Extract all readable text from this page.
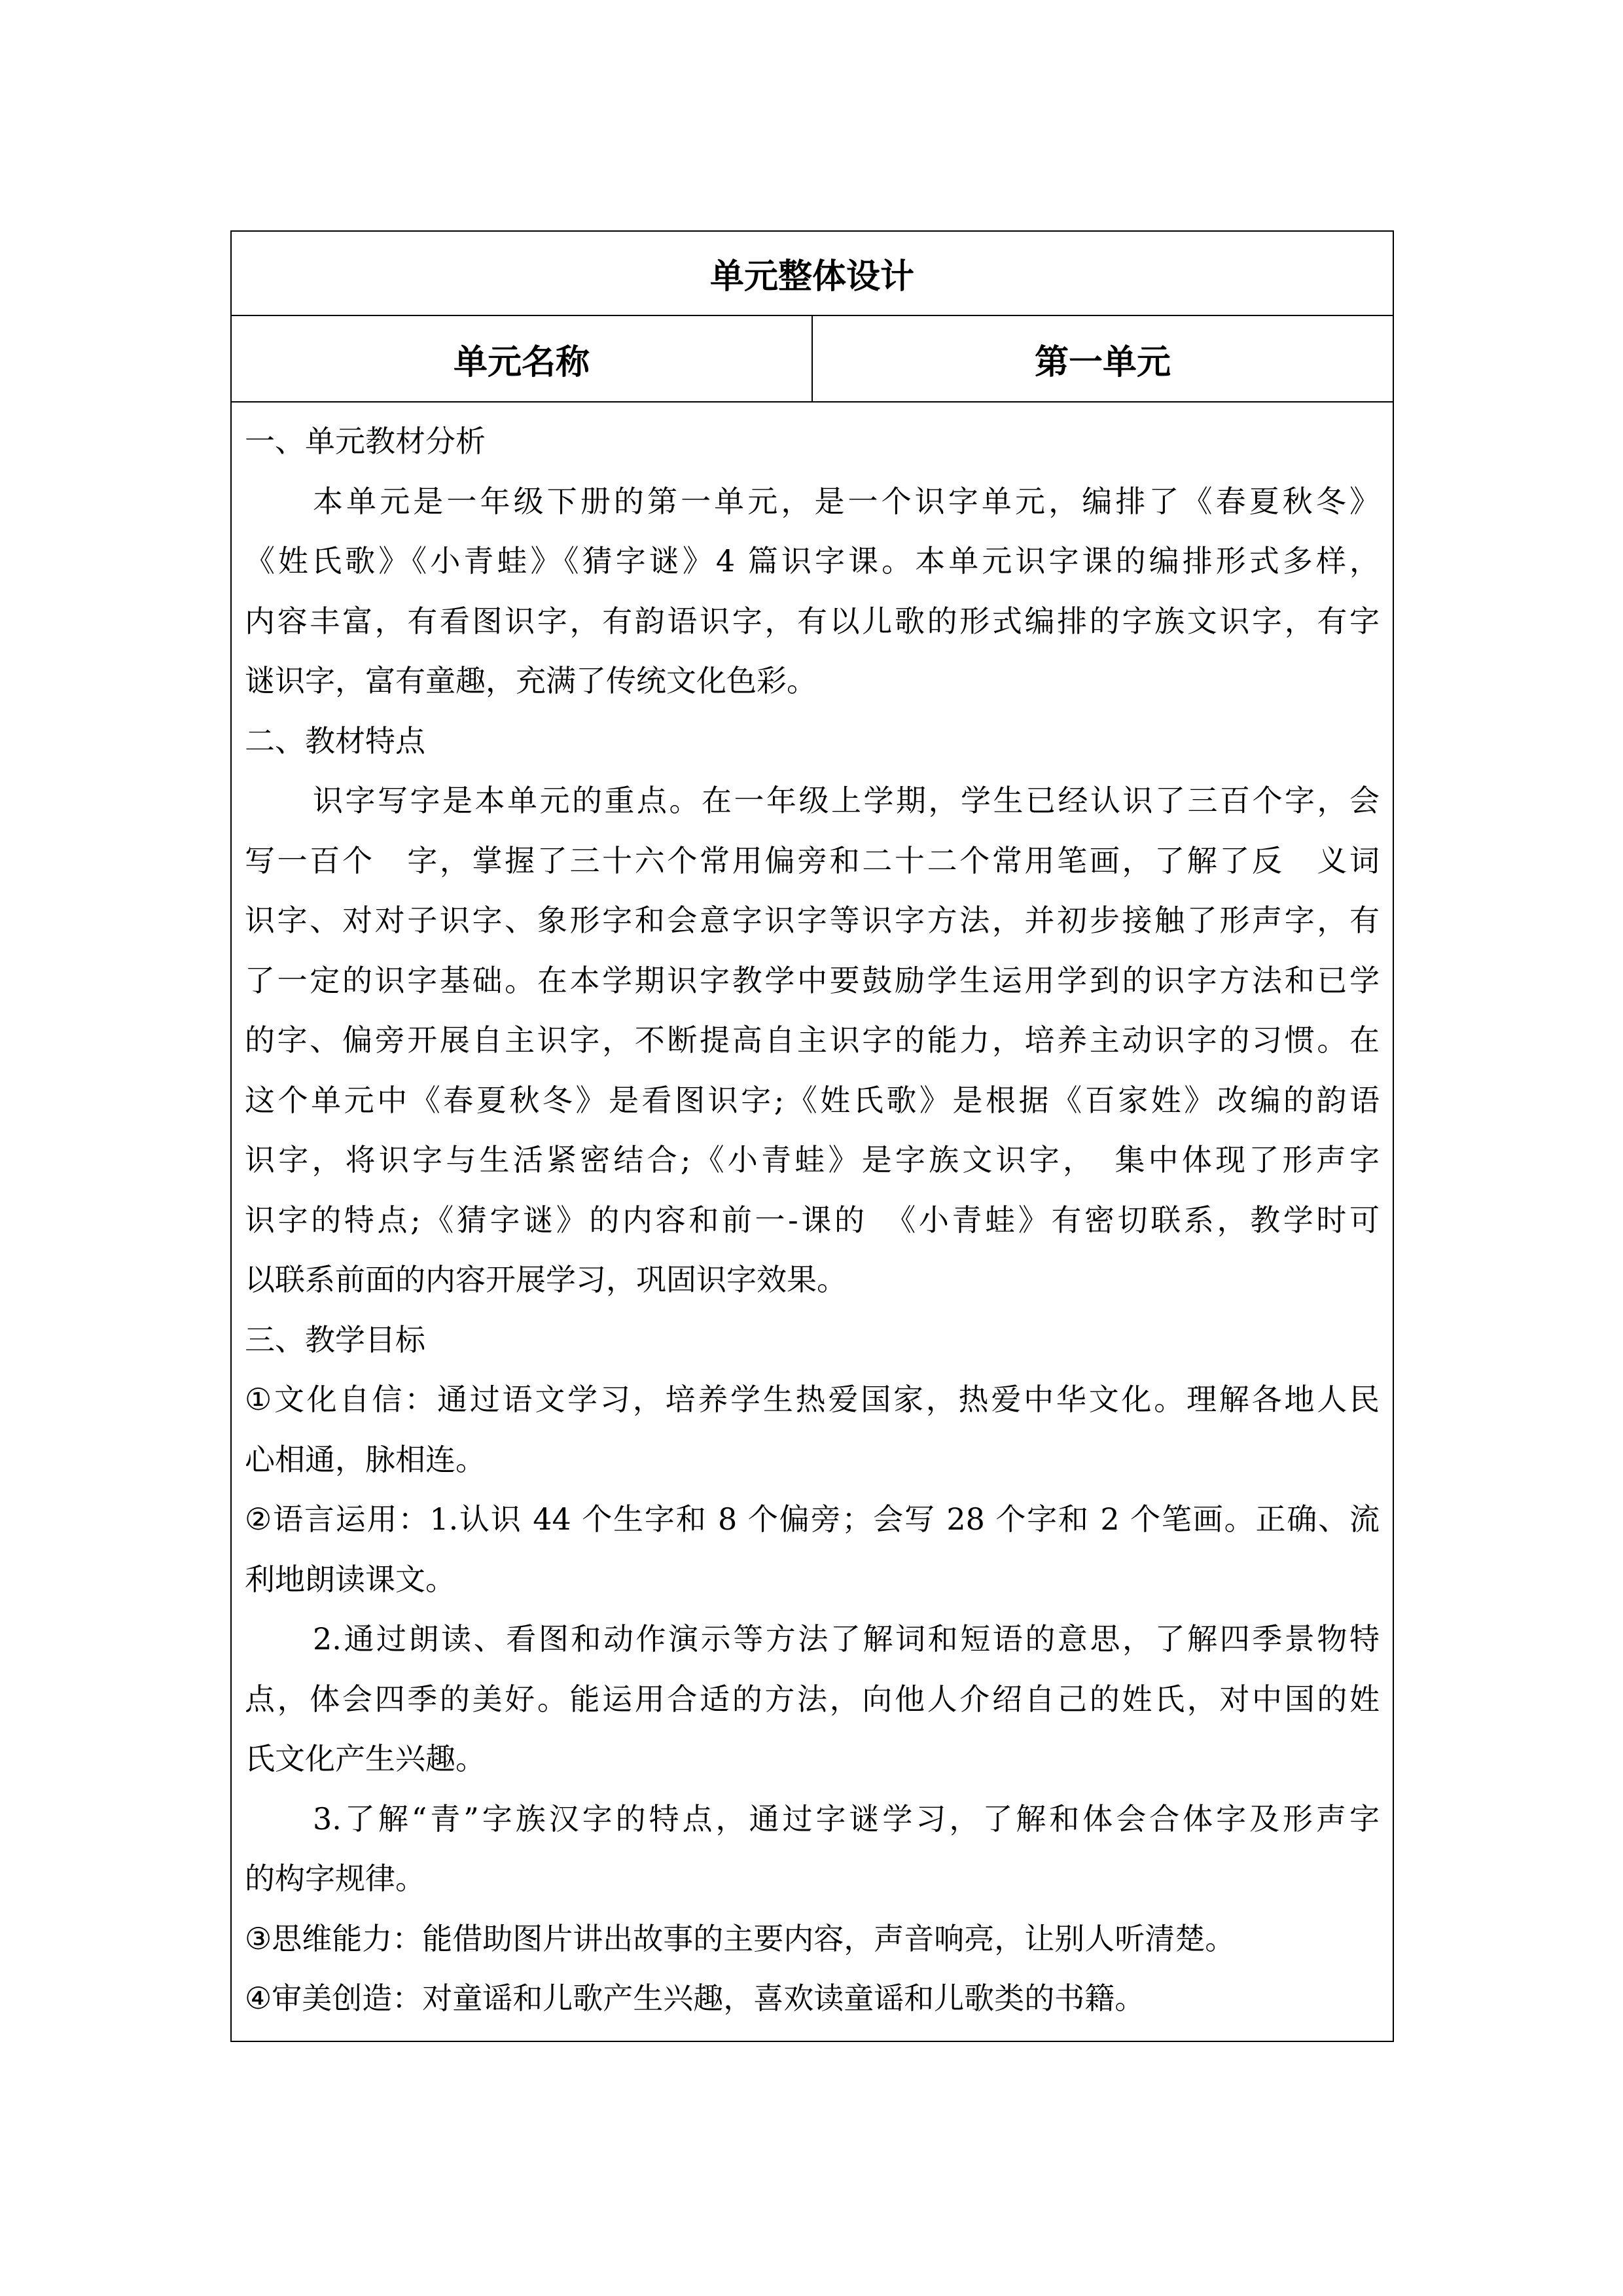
单元整体设计
单元名称	第一单元

一、单元教材分析
本单元是一年级下册的第一单元，是一个识字单元，编排了《春夏秋冬》
《姓氏歌》《小青蛙》《猜字谜》4 篇识字课。本单元识字课的编排形式多样，
内容丰富，有看图识字，有韵语识字，有以儿歌的形式编排的字族文识字，有字
谜识字，富有童趣，充满了传统文化色彩。
二、教材特点
识字写字是本单元的重点。在一年级上学期，学生已经认识了三百个字，会
写一百个　字，掌握了三十六个常用偏旁和二十二个常用笔画，了解了反　义词
识字、对对子识字、象形字和会意字识字等识字方法，并初步接触了形声字，有
了一定的识字基础。在本学期识字教学中要鼓励学生运用学到的识字方法和已学
的字、偏旁开展自主识字，不断提高自主识字的能力，培养主动识字的习惯。在
这个单元中《春夏秋冬》是看图识字;《姓氏歌》是根据《百家姓》改编的韵语
识字，将识字与生活紧密结合;《小青蛙》是字族文识字，　集中体现了形声字
识字的特点;《猜字谜》的内容和前一-课的　《小青蛙》有密切联系，教学时可
以联系前面的内容开展学习，巩固识字效果。
三、教学目标
①文化自信：通过语文学习，培养学生热爱国家，热爱中华文化。理解各地人民
心相通，脉相连。
②语言运用：1.认识 44 个生字和 8 个偏旁；会写 28 个字和 2 个笔画。正确、流
利地朗读课文。
2.通过朗读、看图和动作演示等方法了解词和短语的意思，了解四季景物特
点，体会四季的美好。能运用合适的方法，向他人介绍自己的姓氏，对中国的姓
氏文化产生兴趣。
3.了解“青”字族汉字的特点，通过字谜学习，了解和体会合体字及形声字
的构字规律。
③思维能力：能借助图片讲出故事的主要内容，声音响亮，让别人听清楚。
④审美创造：对童谣和儿歌产生兴趣，喜欢读童谣和儿歌类的书籍。
